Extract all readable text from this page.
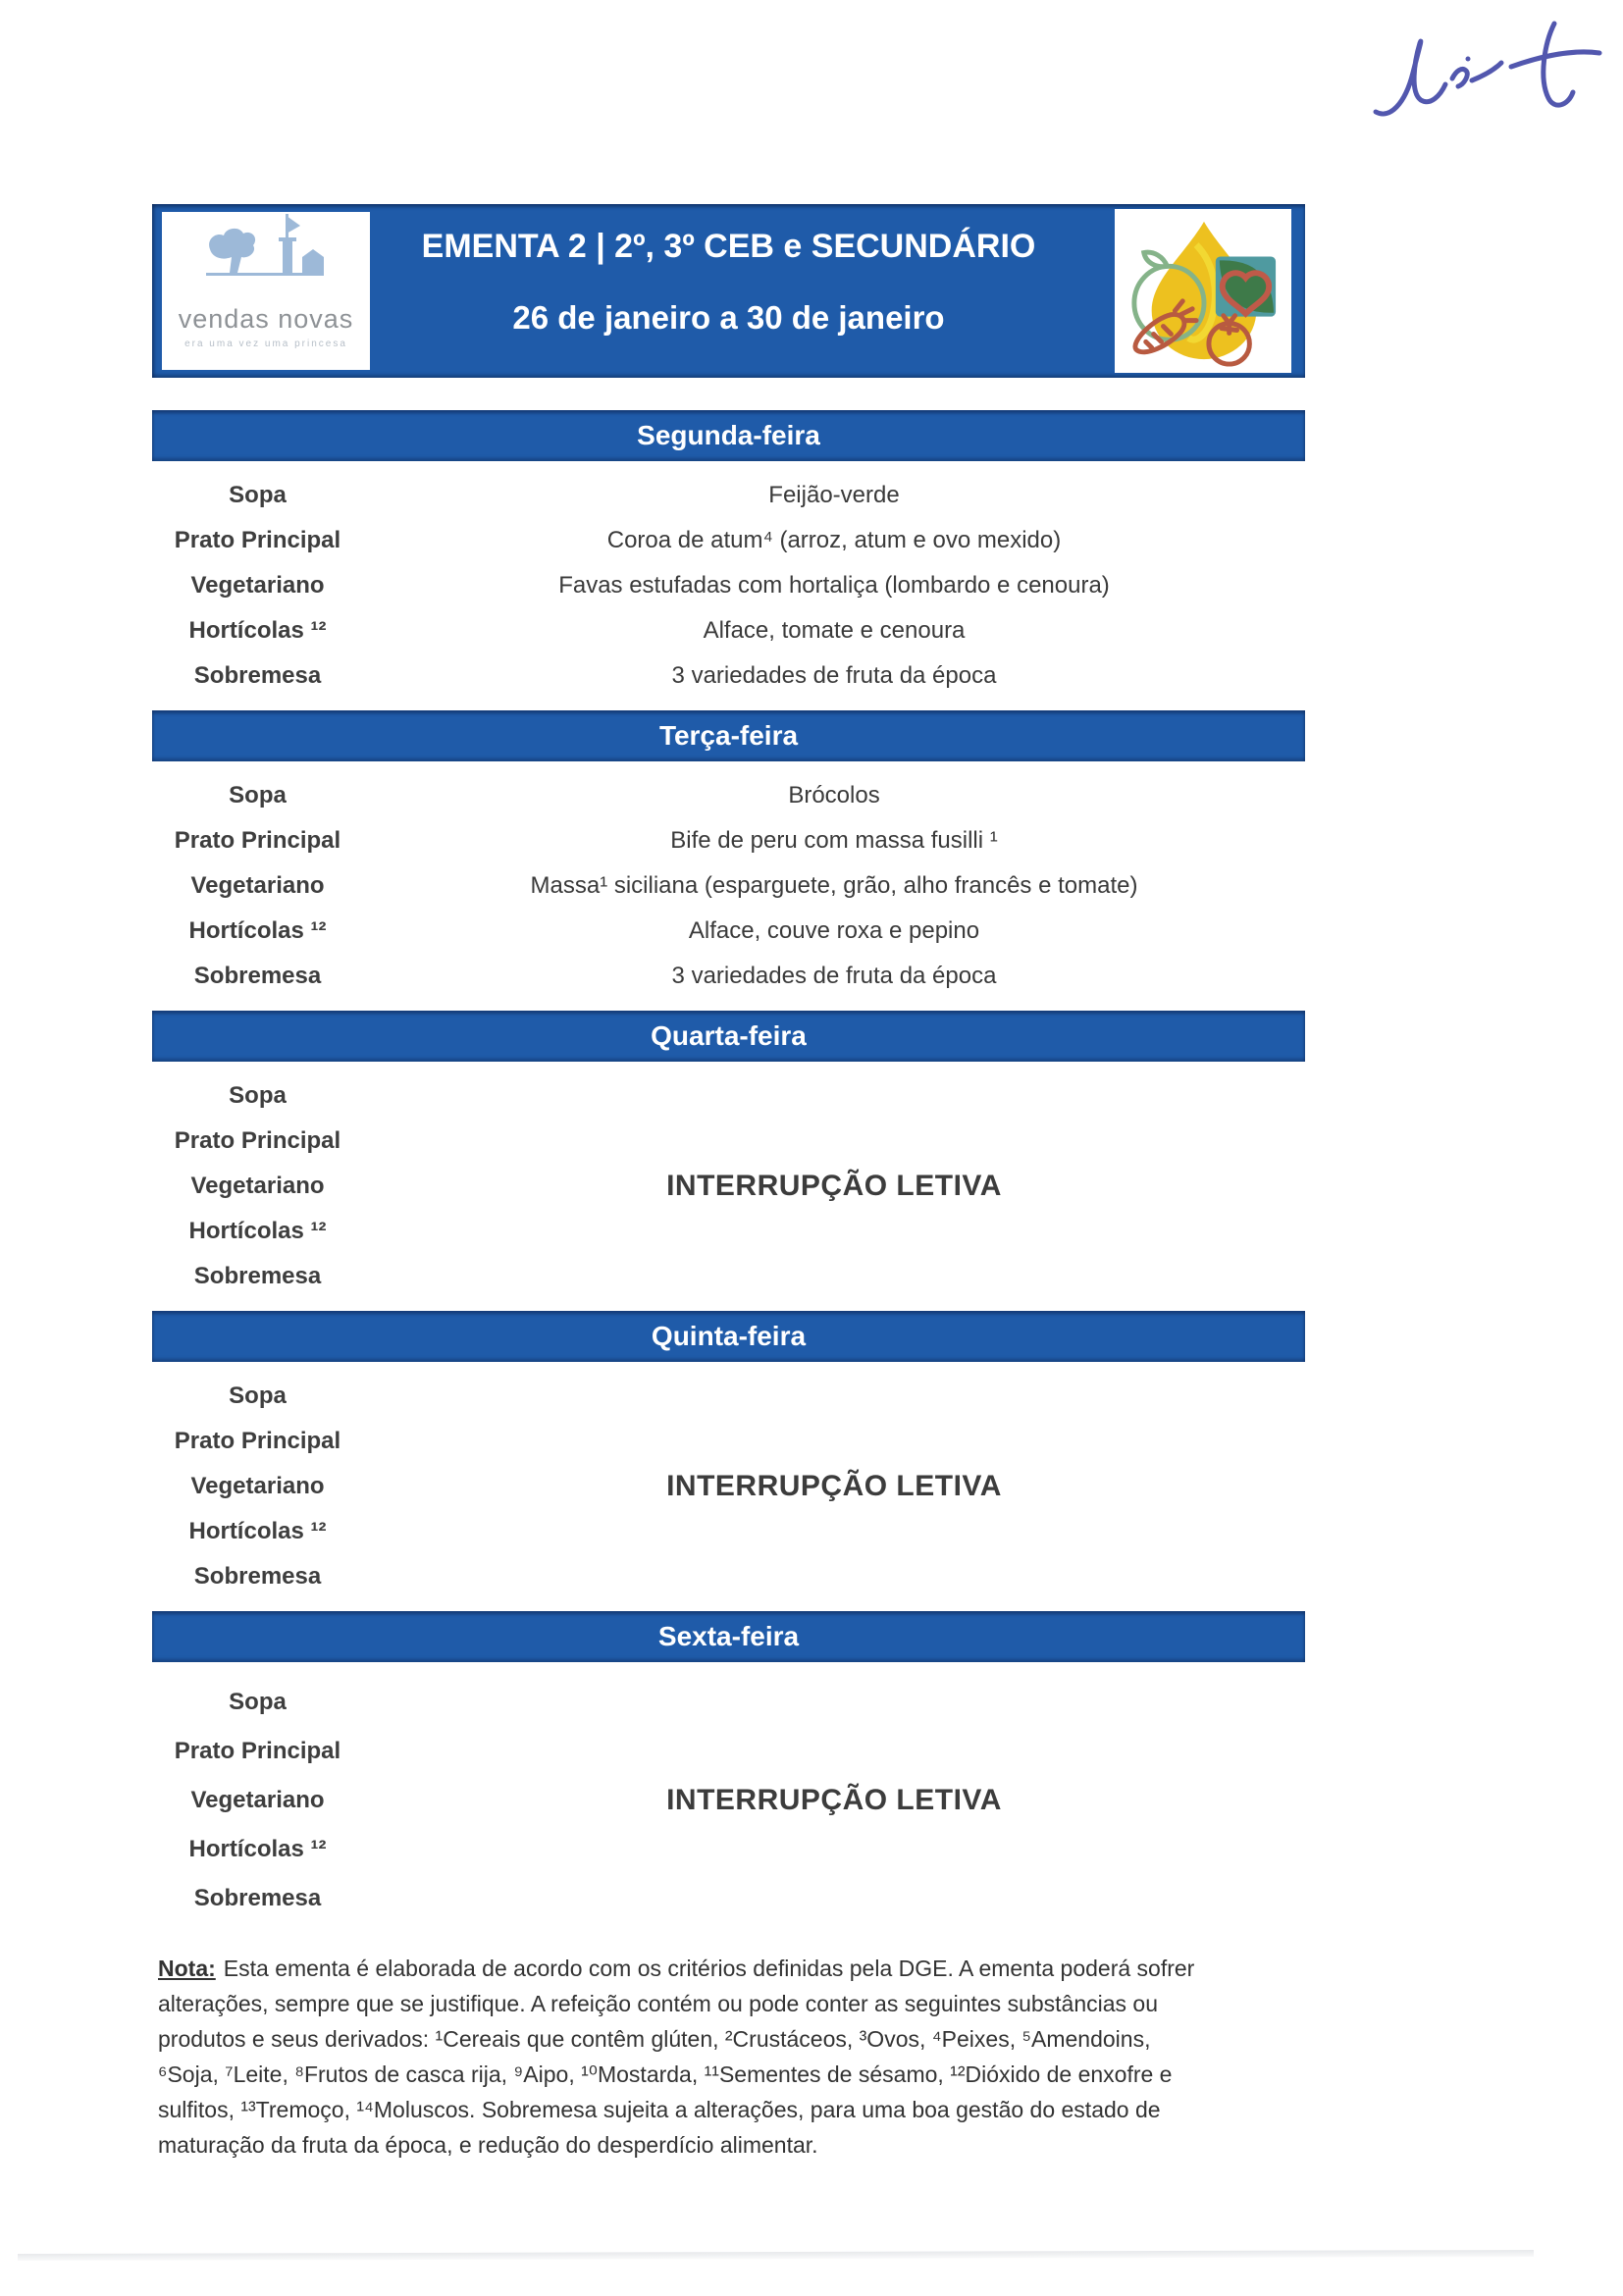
vendas novas
era uma vez uma princesa
EMENTA 2 | 2º, 3º CEB e SECUNDÁRIO
26 de janeiro a 30 de janeiro
Segunda-feira
Sopa	Feijão-verde
Prato Principal	Coroa de atum⁴ (arroz, atum e ovo mexido)
Vegetariano	Favas estufadas com hortaliça (lombardo e cenoura)
Hortícolas ¹²	Alface, tomate e cenoura
Sobremesa	3 variedades de fruta da época
Terça-feira
Sopa	Brócolos
Prato Principal	Bife de peru com massa fusilli ¹
Vegetariano	Massa¹ siciliana (esparguete, grão, alho francês e tomate)
Hortícolas ¹²	Alface, couve roxa e pepino
Sobremesa	3 variedades de fruta da época
Quarta-feira
Sopa
Prato Principal
Vegetariano
Hortícolas ¹²
Sobremesa
INTERRUPÇÃO LETIVA
Quinta-feira
Sopa
Prato Principal
Vegetariano
Hortícolas ¹²
Sobremesa
INTERRUPÇÃO LETIVA
Sexta-feira
Sopa
Prato Principal
Vegetariano
Hortícolas ¹²
Sobremesa
INTERRUPÇÃO LETIVA

Nota: Esta ementa é elaborada de acordo com os critérios definidas pela DGE. A ementa poderá sofrer alterações, sempre que se justifique. A refeição contém ou pode conter as seguintes substâncias ou produtos e seus derivados: ¹Cereais que contêm glúten, ²Crustáceos, ³Ovos, ⁴Peixes, ⁵Amendoins, ⁶Soja, ⁷Leite, ⁸Frutos de casca rija, ⁹Aipo, ¹⁰Mostarda, ¹¹Sementes de sésamo, ¹²Dióxido de enxofre e sulfitos, ¹³Tremoço, ¹⁴Moluscos. Sobremesa sujeita a alterações, para uma boa gestão do estado de maturação da fruta da época, e redução do desperdício alimentar.
